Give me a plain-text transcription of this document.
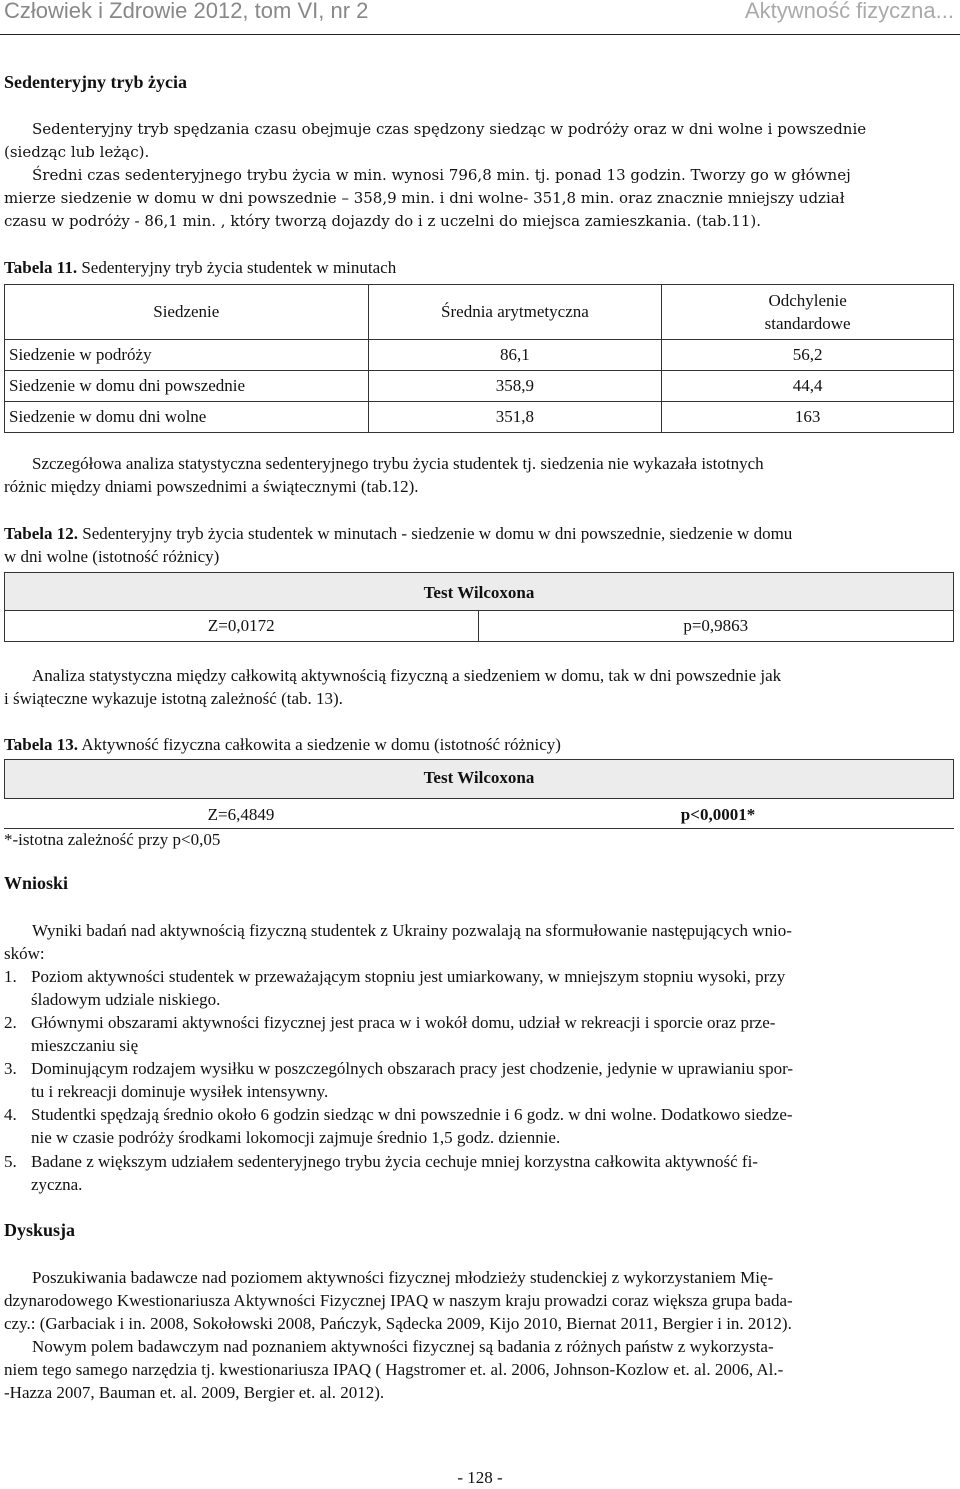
Człowiek i Zdrowie 2012, tom VI, nr 2	Aktywność fizyczna...
Sedenteryjny tryb życia
Sedenteryjny tryb spędzania czasu obejmuje czas spędzony siedząc w podróży oraz w dni wolne i powszednie
(siedząc lub leżąc).
Średni czas sedenteryjnego trybu życia w min. wynosi 796,8 min. tj. ponad 13 godzin. Tworzy go w głównej
mierze siedzenie w domu w dni powszednie – 358,9 min. i dni wolne- 351,8 min. oraz znacznie mniejszy udział
czasu w podróży - 86,1 min. , który tworzą dojazdy do i z uczelni do miejsca zamieszkania. (tab.11).
Tabela 11. Sedenteryjny tryb życia studentek w minutach
Siedzenie	Średnia arytmetyczna	Odchylenie
standardowe

Siedzenie w podróży	86,1	56,2
Siedzenie w domu dni powszednie	358,9	44,4
Siedzenie w domu dni wolne	351,8	163
Szczegółowa analiza statystyczna sedenteryjnego trybu życia studentek tj. siedzenia nie wykazała istotnych
różnic między dniami powszednimi a świątecznymi (tab.12).
Tabela 12. Sedenteryjny tryb życia studentek w minutach - siedzenie w domu w dni powszednie, siedzenie w domu
w dni wolne (istotność różnicy)
Test Wilcoxona
Z=0,0172	p=0,9863
Analiza statystyczna między całkowitą aktywnością fizyczną a siedzeniem w domu, tak w dni powszednie jak
i świąteczne wykazuje istotną zależność (tab. 13).
Tabela 13. Aktywność fizyczna całkowita a siedzenie w domu (istotność różnicy)
Test Wilcoxona
Z=6,4849	p<0,0001*
*-istotna zależność przy p<0,05
Wnioski
Wyniki badań nad aktywnością fizyczną studentek z Ukrainy pozwalają na sformułowanie następujących wnio-
sków:
1. Poziom aktywności studentek w przeważającym stopniu jest umiarkowany, w mniejszym stopniu wysoki, przy
śladowym udziale niskiego.
2. Głównymi obszarami aktywności fizycznej jest praca w i wokół domu, udział w rekreacji i sporcie oraz prze-
mieszczaniu się
3. Dominującym rodzajem wysiłku w poszczególnych obszarach pracy jest chodzenie, jedynie w uprawianiu spor-
tu i rekreacji dominuje wysiłek intensywny.
4. Studentki spędzają średnio około 6 godzin siedząc w dni powszednie i 6 godz. w dni wolne. Dodatkowo siedze-
nie w czasie podróży środkami lokomocji zajmuje średnio 1,5 godz. dziennie.
5. Badane z większym udziałem sedenteryjnego trybu życia cechuje mniej korzystna całkowita aktywność fi-
zyczna.
Dyskusja
Poszukiwania badawcze nad poziomem aktywności fizycznej młodzieży studenckiej z wykorzystaniem Mię-
dzynarodowego Kwestionariusza Aktywności Fizycznej IPAQ w naszym kraju prowadzi coraz większa grupa bada-
czy.: (Garbaciak i in. 2008, Sokołowski 2008, Pańczyk, Sądecka 2009, Kijo 2010, Biernat 2011, Bergier i in. 2012).
Nowym polem badawczym nad poznaniem aktywności fizycznej są badania z różnych państw z wykorzysta-
niem tego samego narzędzia tj. kwestionariusza IPAQ ( Hagstromer et. al. 2006, Johnson-Kozlow et. al. 2006, Al.-
-Hazza 2007, Bauman et. al. 2009, Bergier et. al. 2012).
- 128 -
